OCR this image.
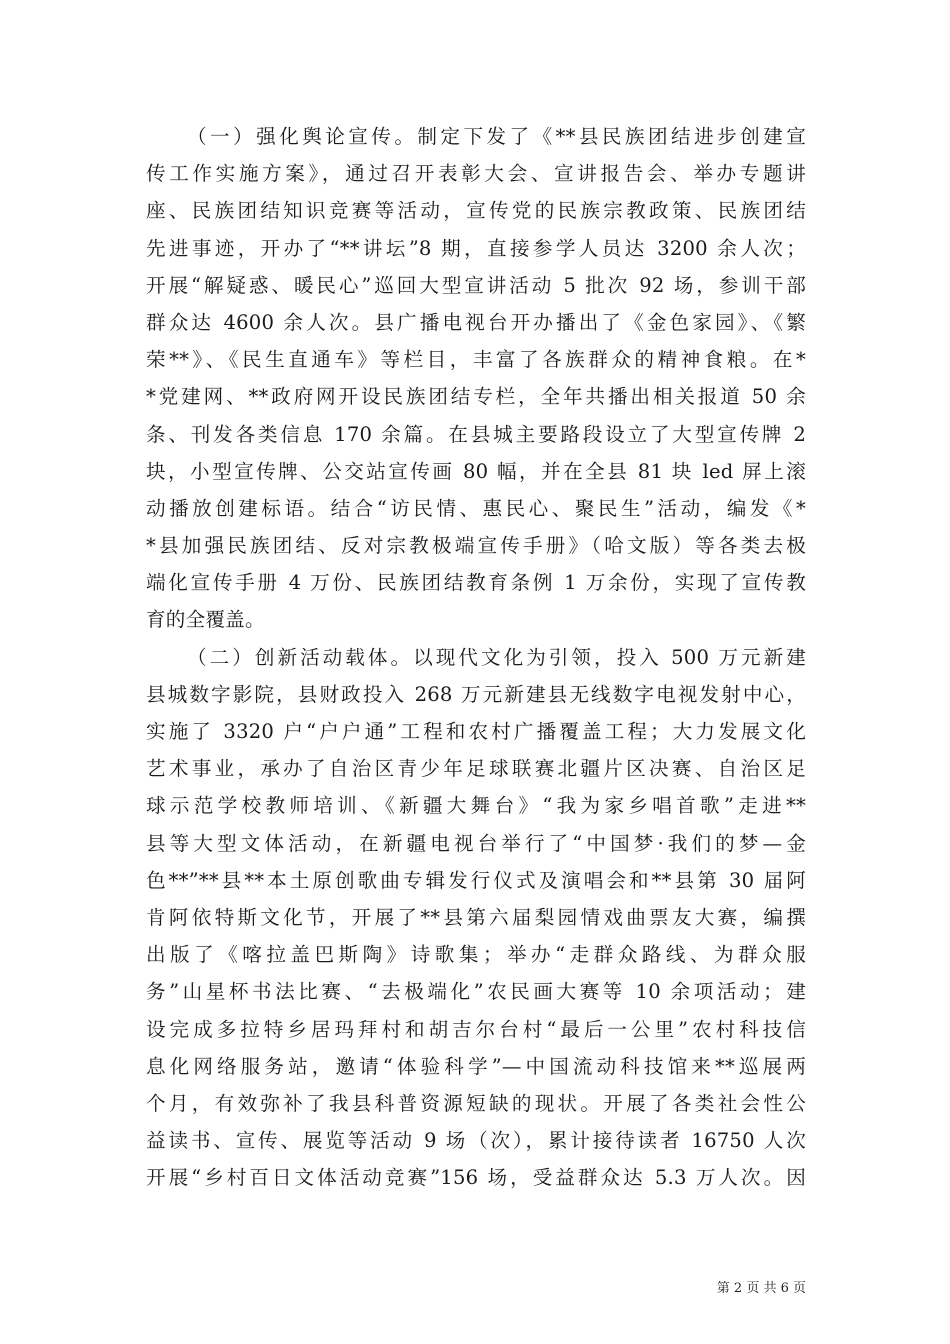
（一）强化舆论宣传。制定下发了《**县民族团结进步创建宣
传工作实施方案》，通过召开表彰大会、宣讲报告会、举办专题讲
座、民族团结知识竞赛等活动，宣传党的民族宗教政策、民族团结
先进事迹，开办了“**讲坛”8 期，直接参学人员达 3200 余人次；
开展“解疑惑、暖民心”巡回大型宣讲活动 5 批次 92 场，参训干部
群众达 4600 余人次。县广播电视台开办播出了《金色家园》、《繁
荣**》、《民生直通车》等栏目，丰富了各族群众的精神食粮。在*
*党建网、**政府网开设民族团结专栏，全年共播出相关报道 50 余
条、刊发各类信息 170 余篇。在县城主要路段设立了大型宣传牌 2
块，小型宣传牌、公交站宣传画 80 幅，并在全县 81 块 led 屏上滚
动播放创建标语。结合“访民情、惠民心、聚民生”活动，编发《*
*县加强民族团结、反对宗教极端宣传手册》（哈文版）等各类去极
端化宣传手册 4 万份、民族团结教育条例 1 万余份，实现了宣传教
育的全覆盖。
（二）创新活动载体。以现代文化为引领，投入 500 万元新建
县城数字影院，县财政投入 268 万元新建县无线数字电视发射中心，
实施了 3320 户“户户通”工程和农村广播覆盖工程；大力发展文化
艺术事业，承办了自治区青少年足球联赛北疆片区决赛、自治区足
球示范学校教师培训、《新疆大舞台》“我为家乡唱首歌”走进**
县等大型文体活动，在新疆电视台举行了“中国梦·我们的梦—金
色**”**县**本土原创歌曲专辑发行仪式及演唱会和**县第 30 届阿
肯阿依特斯文化节，开展了**县第六届梨园情戏曲票友大赛，编撰
出版了《喀拉盖巴斯陶》诗歌集；举办“走群众路线、为群众服
务”山星杯书法比赛、“去极端化”农民画大赛等 10 余项活动；建
设完成多拉特乡居玛拜村和胡吉尔台村“最后一公里”农村科技信
息化网络服务站，邀请“体验科学”—中国流动科技馆来**巡展两
个月，有效弥补了我县科普资源短缺的现状。开展了各类社会性公
益读书、宣传、展览等活动 9 场（次），累计接待读者 16750 人次
开展“乡村百日文体活动竞赛”156 场，受益群众达 5.3 万人次。因
第 2 页 共 6 页
